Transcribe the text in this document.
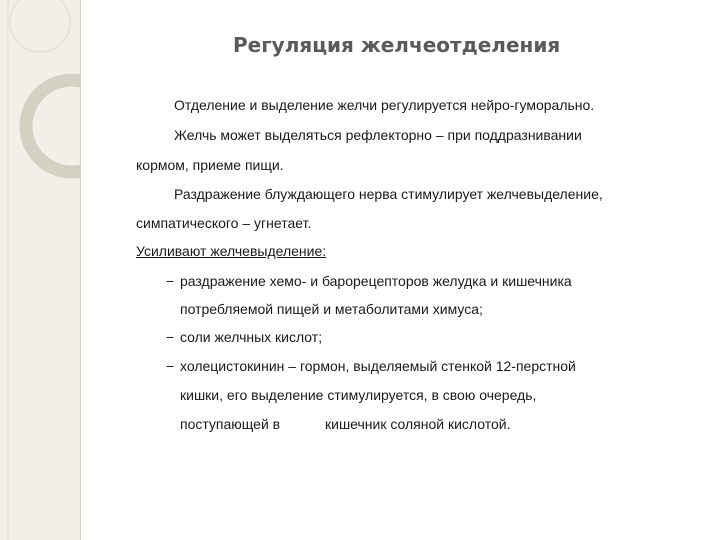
Регуляция желчеотделения
Отделение и выделение желчи регулируется нейро-гуморально.
Желчь может выделяться рефлекторно – при поддразнивании
кормом, приеме пищи.
Раздражение блуждающего нерва стимулирует желчевыделение,
симпатического – угнетает.
Усиливают желчевыделение:
− раздражение хемо- и барорецепторов желудка и кишечника
потребляемой пищей и метаболитами химуса;
− соли желчных кислот;
− холецистокинин – гормон, выделяемый стенкой 12-перстной
кишки, его выделение стимулируется, в свою очередь,
поступающей в	кишечник соляной кислотой.
